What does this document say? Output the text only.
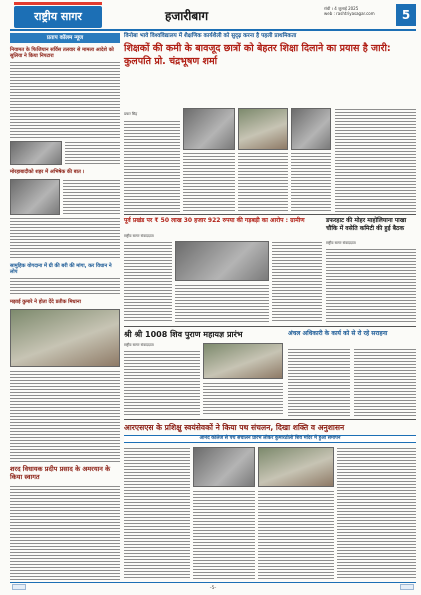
राष्ट्रीय सागर	हजारीबाग
रांची । 4 जुलाई 2025
web : rashtriyasagar.com	5
प्रताप कॉलम न्यूज
नियामत के फिजियान सर्विस तलवार से मामला आदेशे को सुलिया ने किया निपटारा
मोरहाबादीको शहर में अभिषेक की बात ।
सामुहिक योगदाना में ग्री की बरी की मांगा, कर विधान ने लोप
मझाई कुमारे ने होता देंदे प्रतीक मिधाना
शरद विधायक प्रदीप प्रसाद के अमरयान के किया स्वागत
विनोबा भावे विश्वविद्यालय में शैक्षणिक कार्यशैली को सुदृढ़ करना है पहली प्राथमिकता
शिक्षकों की कमी के बावजूद छात्रों को बेहतर शिक्षा दिलाने का प्रयास है जारी: कुलपति प्रो. चंद्रभूषण शर्मा
प्रचार सिंह
पूर्व प्रखंड पर ₹ 50 लाख 30 हजार 922 रुपया की गड़बड़ी का आरोप : ग्रामीण
राष्ट्रीय सागर संवाददाता
डफरहाट की मोहर माहोलियाना पाखा चौकि में वसेति कमिटी की हुई बैठक
राष्ट्रीय सागर संवाददाता
श्री श्री 1008 शिव पुराण महायज्ञ प्रारंभ
राष्ट्रीय सागर संवाददाता
अंचल अधिकारी के कार्य को से रो रहे सराहना
आरएसएस के प्रशिक्षु स्वयंसेवकों ने किया पथ संचलन, दिखा शक्ति व अनुशासन
आनंद कॉलेज से पथ संचालन प्रारंभ लोकर कुमारठोली शिव मंदिर में हुआ समापन
–5–
